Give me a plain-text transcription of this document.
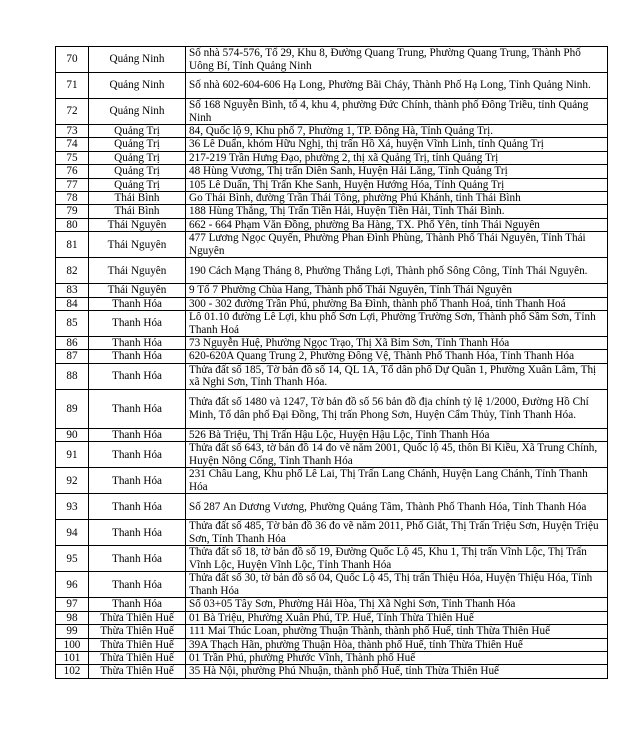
70	Quảng Ninh	Số nhà 574-576, Tổ 29, Khu 8, Đường Quang Trung, Phường Quang Trung, Thành Phố Uông Bí, Tỉnh Quảng Ninh
71	Quảng Ninh	Số nhà 602-604-606 Hạ Long, Phường Bãi Cháy, Thành Phố Hạ Long, Tỉnh Quảng Ninh.
72	Quảng Ninh	Số 168 Nguyễn Bình, tổ 4, khu 4, phường Đức Chính, thành phố Đông Triều, tỉnh Quảng Ninh
73	Quảng Trị	84, Quốc lộ 9, Khu phố 7, Phường 1, TP. Đông Hà, Tỉnh Quảng Trị.
74	Quảng Trị	36 Lê Duẩn, khóm Hữu Nghị, thị trấn Hồ Xá, huyện Vĩnh Linh, tỉnh Quảng Trị
75	Quảng Trị	217-219 Trần Hưng Đạo, phường 2, thị xã Quảng Trị, tỉnh Quảng Trị
76	Quảng Trị	48 Hùng Vương, Thị trấn Diên Sanh, Huyện Hải Lăng, Tỉnh Quảng Trị
77	Quảng Trị	105 Lê Duẩn, Thị Trấn Khe Sanh, Huyện Hướng Hóa, Tỉnh Quảng Trị
78	Thái Bình	Go Thái Bình, đường Trần Thái Tông, phường Phú Khánh, tỉnh Thái Bình
79	Thái Bình	188 Hùng Thắng, Thị Trấn Tiền Hải, Huyện Tiền Hải, Tỉnh Thái Bình.
80	Thái Nguyên	662 - 664 Phạm Văn Đồng, phường Ba Hàng, TX. Phổ Yên, tỉnh Thái Nguyên
81	Thái Nguyên	477 Lương Ngọc Quyến, Phường Phan Đình Phùng, Thành Phố Thái Nguyên, Tỉnh Thái Nguyên
82	Thái Nguyên	190 Cách Mạng Tháng 8, Phường Thắng Lợi, Thành phố Sông Công, Tỉnh Thái Nguyên.
83	Thái Nguyên	9 Tổ 7 Phường Chùa Hang, Thành phố Thái Nguyên, Tỉnh Thái Nguyên
84	Thanh Hóa	300 - 302 đường Trần Phú, phường Ba Đình, thành phố Thanh Hoá, tỉnh Thanh Hoá
85	Thanh Hóa	Lô 01.10 đường Lê Lợi, khu phố Sơn Lợi, Phường Trường Sơn, Thành phố Sầm Sơn, Tỉnh Thanh Hoá
86	Thanh Hóa	73 Nguyễn Huệ, Phường Ngọc Trạo, Thị Xã Bỉm Sơn, Tỉnh Thanh Hóa
87	Thanh Hóa	620-620A Quang Trung 2, Phường Đông Vệ, Thành Phố Thanh Hóa, Tỉnh Thanh Hóa
88	Thanh Hóa	Thửa đất số 185, Tờ bản đồ số 14, QL 1A, Tổ dân phố Dự Quần 1, Phường Xuân Lâm, Thị xã Nghi Sơn, Tỉnh Thanh Hóa.
89	Thanh Hóa	Thửa đất số 1480 và 1247, Tờ bản đồ số 56 bản đồ địa chính tỷ lệ 1/2000, Đường Hồ Chí Minh, Tổ dân phố Đại Đồng, Thị trấn Phong Sơn, Huyện Cẩm Thủy, Tỉnh Thanh Hóa.
90	Thanh Hóa	526 Bà Triệu, Thị Trấn Hậu Lộc, Huyện Hậu Lộc, Tỉnh Thanh Hóa
91	Thanh Hóa	Thửa đất số 643, tờ bản đồ 14 đo vẽ năm 2001, Quốc lộ 45, thôn Bi Kiều, Xã Trung Chính, Huyện Nông Cống, Tỉnh Thanh Hóa
92	Thanh Hóa	231 Châu Lang, Khu phố Lê Lai, Thị Trấn Lang Chánh, Huyện Lang Chánh, Tỉnh Thanh Hóa
93	Thanh Hóa	Số 287 An Dương Vương, Phường Quảng Tâm, Thành Phố Thanh Hóa, Tỉnh Thanh Hóa
94	Thanh Hóa	Thửa đất số 485, Tờ bản đồ 36 đo vẽ năm 2011, Phố Giắt, Thị Trấn Triệu Sơn, Huyện Triệu Sơn, Tỉnh Thanh Hóa
95	Thanh Hóa	Thửa đất số 18, tờ bản đồ số 19, Đường Quốc Lộ 45, Khu 1, Thị trấn Vĩnh Lộc, Thị Trấn Vĩnh Lộc, Huyện Vĩnh Lộc, Tỉnh Thanh Hóa
96	Thanh Hóa	Thửa đất số 30, tờ bản đồ số 04, Quốc Lộ 45, Thị trấn Thiệu Hóa, Huyện Thiệu Hóa, Tỉnh Thanh Hóa
97	Thanh Hóa	Số 03+05 Tây Sơn, Phường Hải Hòa, Thị Xã Nghi Sơn, Tỉnh Thanh Hóa
98	Thừa Thiên Huế	01 Bà Triệu, Phường Xuân Phú, TP. Huế, Tỉnh Thừa Thiên Huế
99	Thừa Thiên Huế	111 Mai Thúc Loan, phường Thuận Thành, thành phố Huế, tỉnh Thừa Thiên Huế
100	Thừa Thiên Huế	39A Thạch Hãn, phường Thuận Hòa, thành phố Huế, tỉnh Thừa Thiên Huế
101	Thừa Thiên Huế	01 Trần Phú, phường Phước Vĩnh, Thành phố Huế
102	Thừa Thiên Huế	35 Hà Nội, phường Phú Nhuận, thành phố Huế, tỉnh Thừa Thiên Huế
